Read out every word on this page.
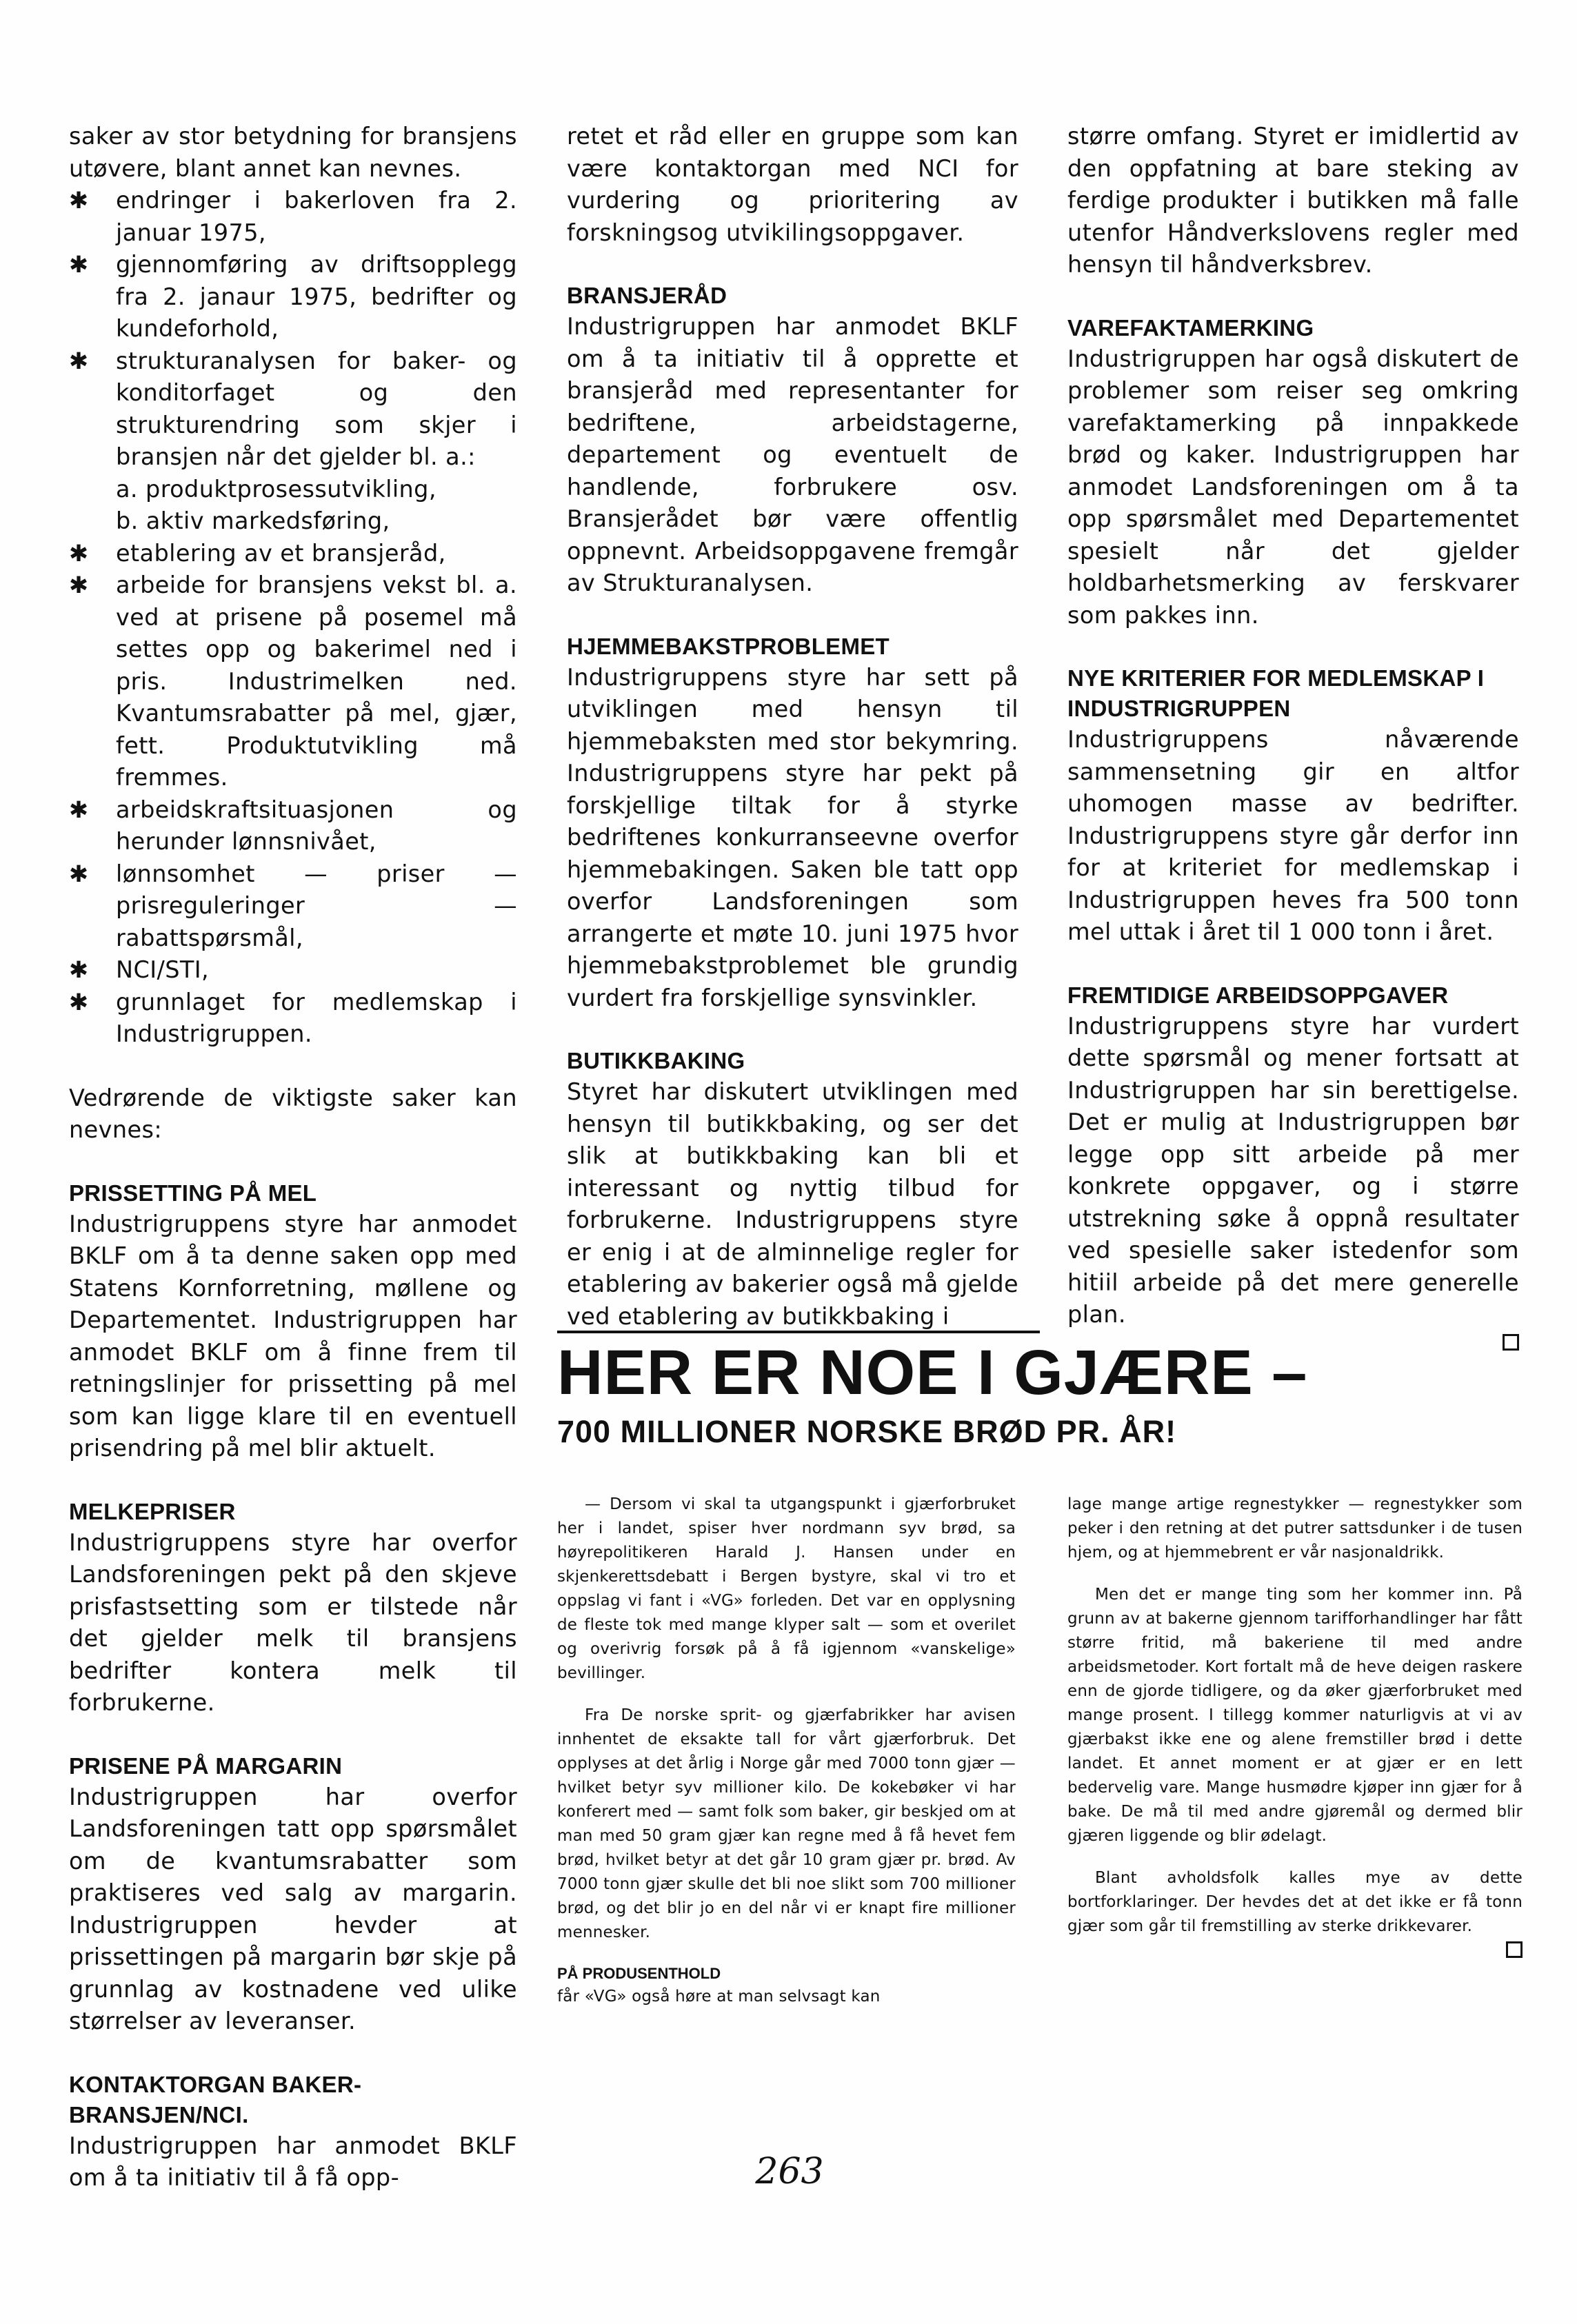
saker av stor betydning for bransjens utøvere, blant annet kan nevnes.

✱ endringer i bakerloven fra 2. januar 1975,
✱ gjennomføring av driftsopplegg fra 2. janaur 1975, bedrifter og kundeforhold,
✱ strukturanalysen for baker- og konditorfaget og den strukturendring som skjer i bransjen når det gjelder bl. a.:
a. produktprosessutvikling,
b. aktiv markedsføring,
✱ etablering av et bransjeråd,
✱ arbeide for bransjens vekst bl. a. ved at prisene på posemel må settes opp og bakerimel ned i pris. Industrimelken ned. Kvantumsrabatter på mel, gjær, fett. Produktutvikling må fremmes.
✱ arbeidskraftsituasjonen og herunder lønnsnivået,
✱ lønnsomhet — priser — prisreguleringer — rabattspørsmål,
✱ NCI/STI,
✱ grunnlaget for medlemskap i Industrigruppen.

Vedrørende de viktigste saker kan nevnes:

PRISSETTING PÅ MEL

Industrigruppens styre har anmodet BKLF om å ta denne saken opp med Statens Kornforretning, møllene og Departementet. Industrigruppen har anmodet BKLF om å finne frem til retningslinjer for prissetting på mel som kan ligge klare til en eventuell prisendring på mel blir aktuelt.

MELKEPRISER

Industrigruppens styre har overfor Landsforeningen pekt på den skjeve prisfastsetting som er tilstede når det gjelder melk til bransjens bedrifter kontera melk til forbrukerne.

PRISENE PÅ MARGARIN

Industrigruppen har overfor Landsforeningen tatt opp spørsmålet om de kvantumsrabatter som praktiseres ved salg av margarin. Industrigruppen hevder at prissettingen på margarin bør skje på grunnlag av kostnadene ved ulike størrelser av leveranser.

KONTAKTORGAN BAKER-BRANSJEN/NCI.

Industrigruppen har anmodet BKLF om å ta initiativ til å få opp-

retet et råd eller en gruppe som kan være kontaktorgan med NCI for vurdering og prioritering av forskningsog utvikilingsoppgaver.

BRANSJERÅD

Industrigruppen har anmodet BKLF om å ta initiativ til å opprette et bransjeråd med representanter for bedriftene, arbeidstagerne, departement og eventuelt de handlende, forbrukere osv. Bransjerådet bør være offentlig oppnevnt. Arbeidsoppgavene fremgår av Strukturanalysen.

HJEMMEBAKSTPROBLEMET

Industrigruppens styre har sett på utviklingen med hensyn til hjemmebaksten med stor bekymring. Industrigruppens styre har pekt på forskjellige tiltak for å styrke bedriftenes konkurranseevne overfor hjemmebakingen. Saken ble tatt opp overfor Landsforeningen som arrangerte et møte 10. juni 1975 hvor hjemmebakstproblemet ble grundig vurdert fra forskjellige synsvinkler.

BUTIKKBAKING

Styret har diskutert utviklingen med hensyn til butikkbaking, og ser det slik at butikkbaking kan bli et interessant og nyttig tilbud for forbrukerne. Industrigruppens styre er enig i at de alminnelige regler for etablering av bakerier også må gjelde ved etablering av butikkbaking i

større omfang. Styret er imidlertid av den oppfatning at bare steking av ferdige produkter i butikken må falle utenfor Håndverkslovens regler med hensyn til håndverksbrev.

VAREFAKTAMERKING

Industrigruppen har også diskutert de problemer som reiser seg omkring varefaktamerking på innpakkede brød og kaker. Industrigruppen har anmodet Landsforeningen om å ta opp spørsmålet med Departementet spesielt når det gjelder holdbarhetsmerking av ferskvarer som pakkes inn.

NYE KRITERIER FOR MEDLEMSKAP I INDUSTRIGRUPPEN

Industrigruppens nåværende sammensetning gir en altfor uhomogen masse av bedrifter. Industrigruppens styre går derfor inn for at kriteriet for medlemskap i Industrigruppen heves fra 500 tonn mel uttak i året til 1 000 tonn i året.

FREMTIDIGE ARBEIDSOPPGAVER

Industrigruppens styre har vurdert dette spørsmål og mener fortsatt at Industrigruppen har sin berettigelse. Det er mulig at Industrigruppen bør legge opp sitt arbeide på mer konkrete oppgaver, og i større utstrekning søke å oppnå resultater ved spesielle saker istedenfor som hitiil arbeide på det mere generelle plan.

HER ER NOE I GJÆRE –
700 MILLIONER NORSKE BRØD PR. ÅR!

— Dersom vi skal ta utgangspunkt i gjærforbruket her i landet, spiser hver nordmann syv brød, sa høyrepolitikeren Harald J. Hansen under en skjenkerettsdebatt i Bergen bystyre, skal vi tro et oppslag vi fant i «VG» forleden. Det var en opplysning de fleste tok med mange klyper salt — som et overilet og overivrig forsøk på å få igjennom «vanskelige» bevillinger.

Fra De norske sprit- og gjærfabrikker har avisen innhentet de eksakte tall for vårt gjærforbruk. Det opplyses at det årlig i Norge går med 7000 tonn gjær — hvilket betyr syv millioner kilo. De kokebøker vi har konferert med — samt folk som baker, gir beskjed om at man med 50 gram gjær kan regne med å få hevet fem brød, hvilket betyr at det går 10 gram gjær pr. brød. Av 7000 tonn gjær skulle det bli noe slikt som 700 millioner brød, og det blir jo en del når vi er knapt fire millioner mennesker.

PÅ PRODUSENTHOLD

får «VG» også høre at man selvsagt kan

lage mange artige regnestykker — regnestykker som peker i den retning at det putrer sattsdunker i de tusen hjem, og at hjemmebrent er vår nasjonaldrikk.

Men det er mange ting som her kommer inn. På grunn av at bakerne gjennom tarifforhandlinger har fått større fritid, må bakeriene til med andre arbeidsmetoder. Kort fortalt må de heve deigen raskere enn de gjorde tidligere, og da øker gjærforbruket med mange prosent. I tillegg kommer naturligvis at vi av gjærbakst ikke ene og alene fremstiller brød i dette landet. Et annet moment er at gjær er en lett bedervelig vare. Mange husmødre kjøper inn gjær for å bake. De må til med andre gjøremål og dermed blir gjæren liggende og blir ødelagt.

Blant avholdsfolk kalles mye av dette bortforklaringer. Der hevdes det at det ikke er få tonn gjær som går til fremstilling av sterke drikkevarer.

263
